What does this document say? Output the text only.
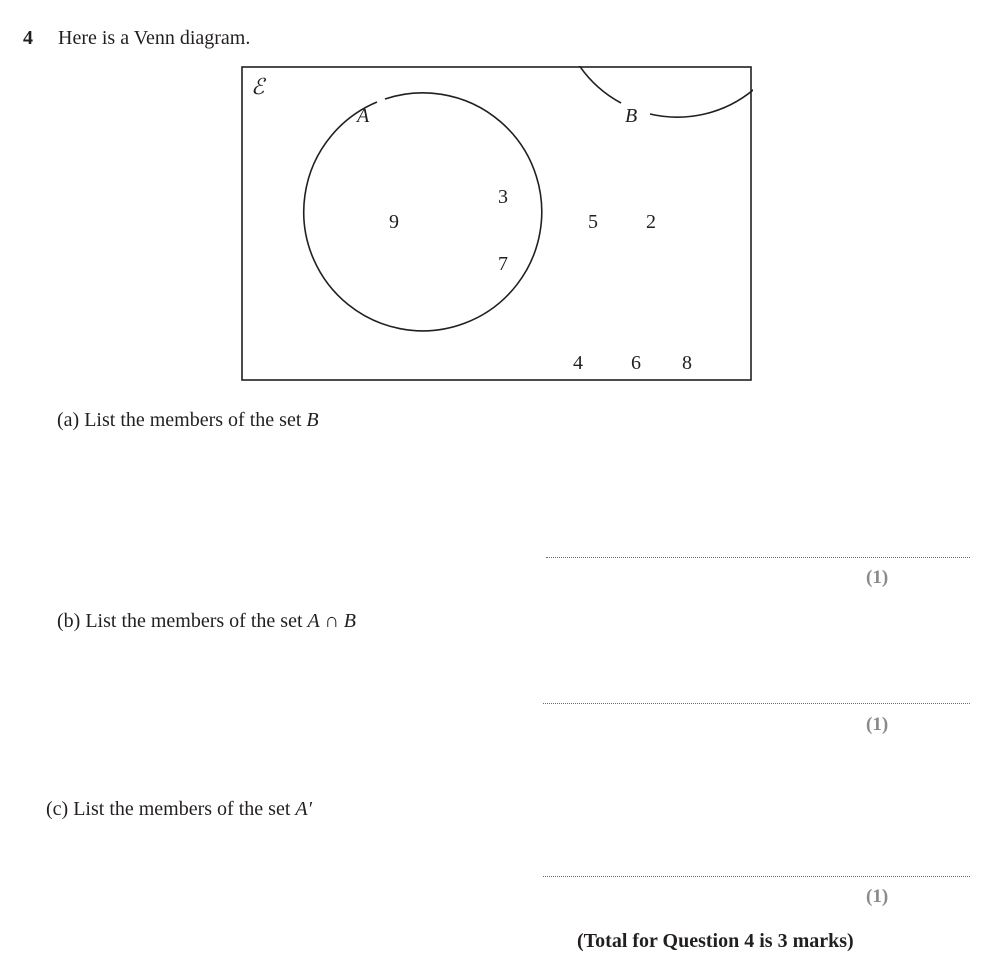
4 Here is a Venn diagram.
ℰ
A	B
9
3
7
5 2
4 6 8
(a) List the members of the set B
(1)
(b) List the members of the set A ∩ B
(1)
(c) List the members of the set A′
(1)
(Total for Question 4 is 3 marks)
